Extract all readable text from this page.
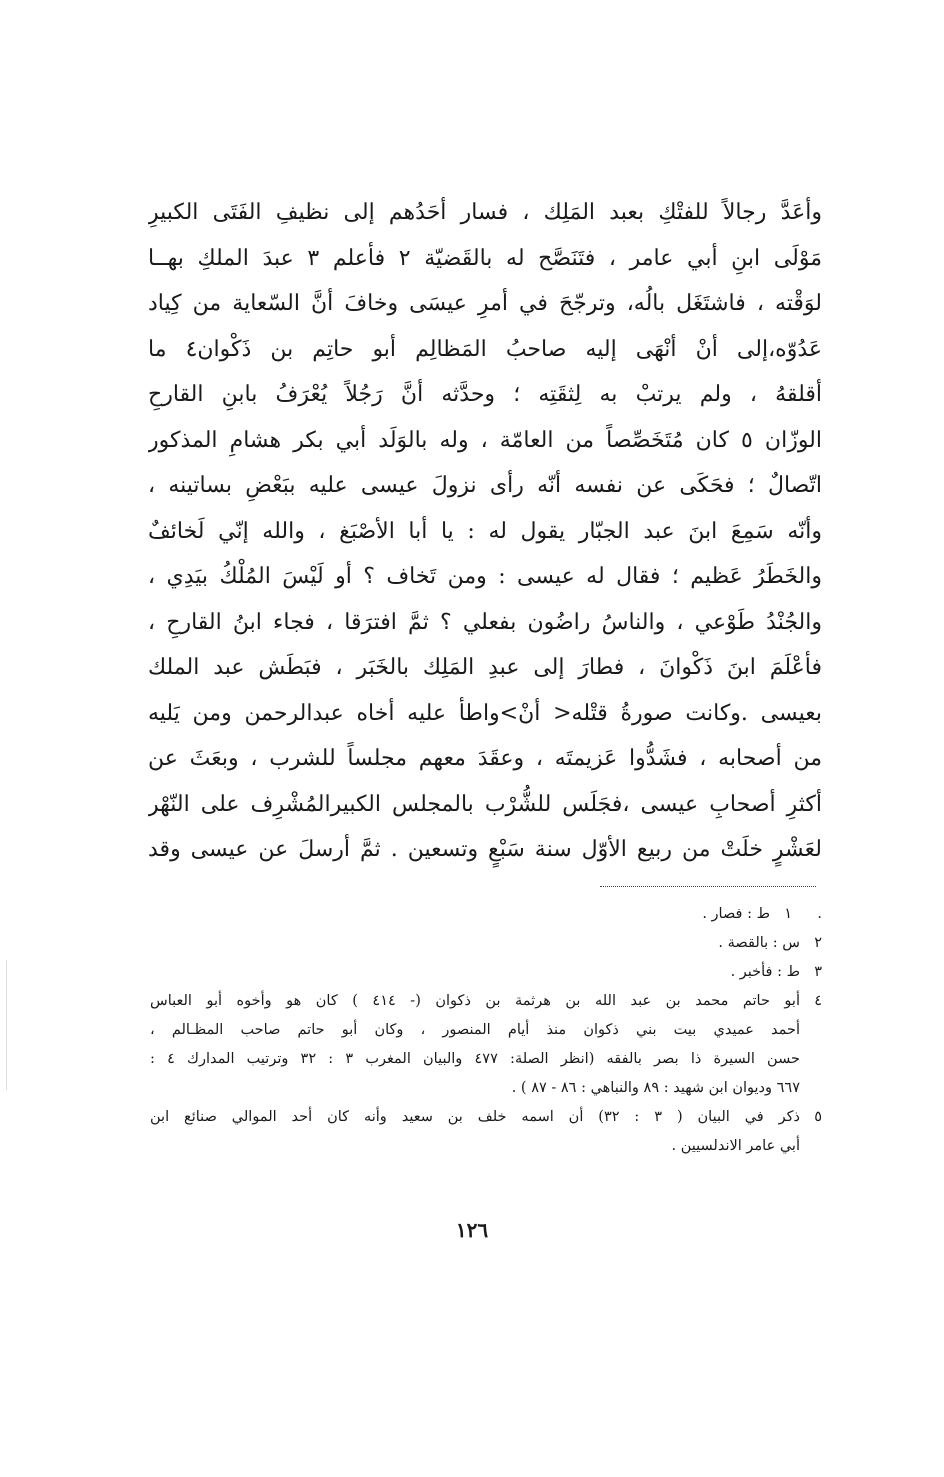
وأعَدَّ رجالاً للفتْكِ بعبد المَلِك ، فسار أحَدُهم إلى نظيفِ الفَتَى الكبيرِ
مَوْلَى ابنِ أبي عامر ، فتَنَصَّح له بالقَضيّة ٢ فأعلم ٣ عبدَ الملكِ بهــا
لوَقْته ، فاشتَغَل بالُه، وترجّحَ في أمرِ عيسَى وخافَ أنَّ السّعاية من كِياد
عَدُوّه،إلى أنْ أنْهَى إليه صاحبُ المَظالِم أبو حاتِم بن ذَكْوان٤ ما
أقلقهُ ، ولم يرتبْ به لِثقَتِه ؛ وحدَّثه أنَّ رَجُلاً يُعْرَفُ بابنِ القارحِ
الوزّان ٥ كان مُتَخَصِّصاً من العامّة ، وله بالوَلَد أبي بكر هشامِ المذكور
اتّصالٌ ؛ فحَكَى عن نفسه أنّه رأى نزولَ عيسى عليه ببَعْضِ بساتينه ،
وأنّه سَمِعَ ابنَ عبد الجبّار يقول له : يا أبا الأصْبَغ ، والله إنّي لَخائفٌ
والخَطَرُ عَظيم ؛ فقال له عيسى : ومن تَخاف ؟ أو لَيْسَ المُلْكُ بيَدِي ،
والجُنْدُ طَوْعي ، والناسُ راضُون بفعلي ؟ ثمَّ افترَقا ، فجاء ابنُ القارحِ ،
فأعْلَمَ ابنَ ذَكْوانَ ، فطارَ إلى عبدِ المَلِك بالخَبَر ، فبَطَش عبد الملك
بعيسى .وكانت صورةُ قتْله< أنْ>واطأ عليه أخاه عبدالرحمن ومن يَليه
من أصحابه ، فشَدُّوا عَزيمتَه ، وعقَدَ معهم مجلساً للشرب ، وبعَثَ عن
أكثرِ أصحابِ عيسى ،فجَلَس للشُّرْب بالمجلس الكبيرالمُشْرِف على النّهْر
لعَشْرٍ خلَتْ من ربيع الأوّل سنة سَبْعٍ وتسعين . ثمَّ أرسلَ عن عيسى وقد
.
١
ط : فصار .
٢
س : بالقصة .
٣
ط : فأخبر .
٤
أبو حاتم محمد بن عبد الله بن هرثمة بن ذكوان (- ٤١٤ ) كان هو وأخوه أبو العباس
أحمد عميدي بيت بني ذكوان منذ أيام المنصور ، وكان أبو حاتم صاحب المظـالم ،
حسن السيرة ذا بصر بالفقه (انظر الصلة: ٤٧٧ والبيان المغرب ٣ : ٣٢ وترتيب المدارك ٤ :
٦٦٧ وديوان ابن شهيد : ٨٩ والنباهي : ٨٦ - ٨٧ ) .
٥
ذكر في البيان ( ٣ : ٣٢) أن اسمه خلف بن سعيد وأنه كان أحد الموالي صنائع ابن
أبي عامر الاندلسيين .
١٢٦
